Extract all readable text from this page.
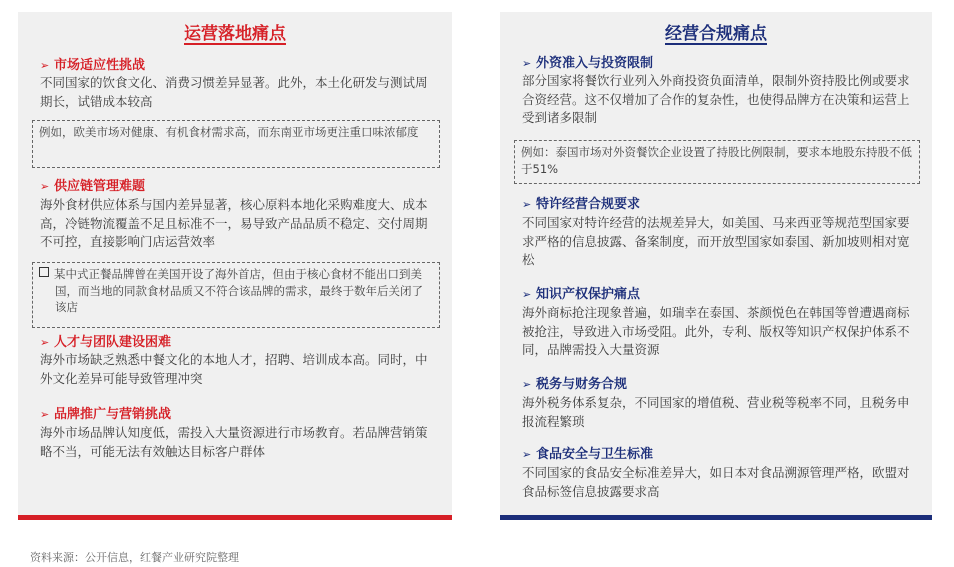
运营落地痛点
➢ 市场适应性挑战
不同国家的饮食文化、消费习惯差异显著。此外，本土化研发与测试周期长，试错成本较高
例如，欧美市场对健康、有机食材需求高，而东南亚市场更注重口味浓郁度
➢ 供应链管理难题
海外食材供应体系与国内差异显著，核心原料本地化采购难度大、成本高，冷链物流覆盖不足且标准不一，易导致产品品质不稳定、交付周期不可控，直接影响门店运营效率
某中式正餐品牌曾在美国开设了海外首店，但由于核心食材不能出口到美国，而当地的同款食材品质又不符合该品牌的需求，最终于数年后关闭了该店
➢ 人才与团队建设困难
海外市场缺乏熟悉中餐文化的本地人才，招聘、培训成本高。同时，中外文化差异可能导致管理冲突
➢ 品牌推广与营销挑战
海外市场品牌认知度低，需投入大量资源进行市场教育。若品牌营销策略不当，可能无法有效触达目标客户群体
经营合规痛点
➢ 外资准入与投资限制
部分国家将餐饮行业列入外商投资负面清单，限制外资持股比例或要求合资经营。这不仅增加了合作的复杂性，也使得品牌方在决策和运营上受到诸多限制
例如：泰国市场对外资餐饮企业设置了持股比例限制，要求本地股东持股不低于51%
➢ 特许经营合规要求
不同国家对特许经营的法规差异大，如美国、马来西亚等规范型国家要求严格的信息披露、备案制度，而开放型国家如泰国、新加坡则相对宽松
➢ 知识产权保护痛点
海外商标抢注现象普遍，如瑞幸在泰国、茶颜悦色在韩国等曾遭遇商标被抢注，导致进入市场受阻。此外，专利、版权等知识产权保护体系不同，品牌需投入大量资源
➢ 税务与财务合规
海外税务体系复杂，不同国家的增值税、营业税等税率不同，且税务申报流程繁琐
➢ 食品安全与卫生标准
不同国家的食品安全标准差异大，如日本对食品溯源管理严格，欧盟对食品标签信息披露要求高
资料来源：公开信息，红餐产业研究院整理
